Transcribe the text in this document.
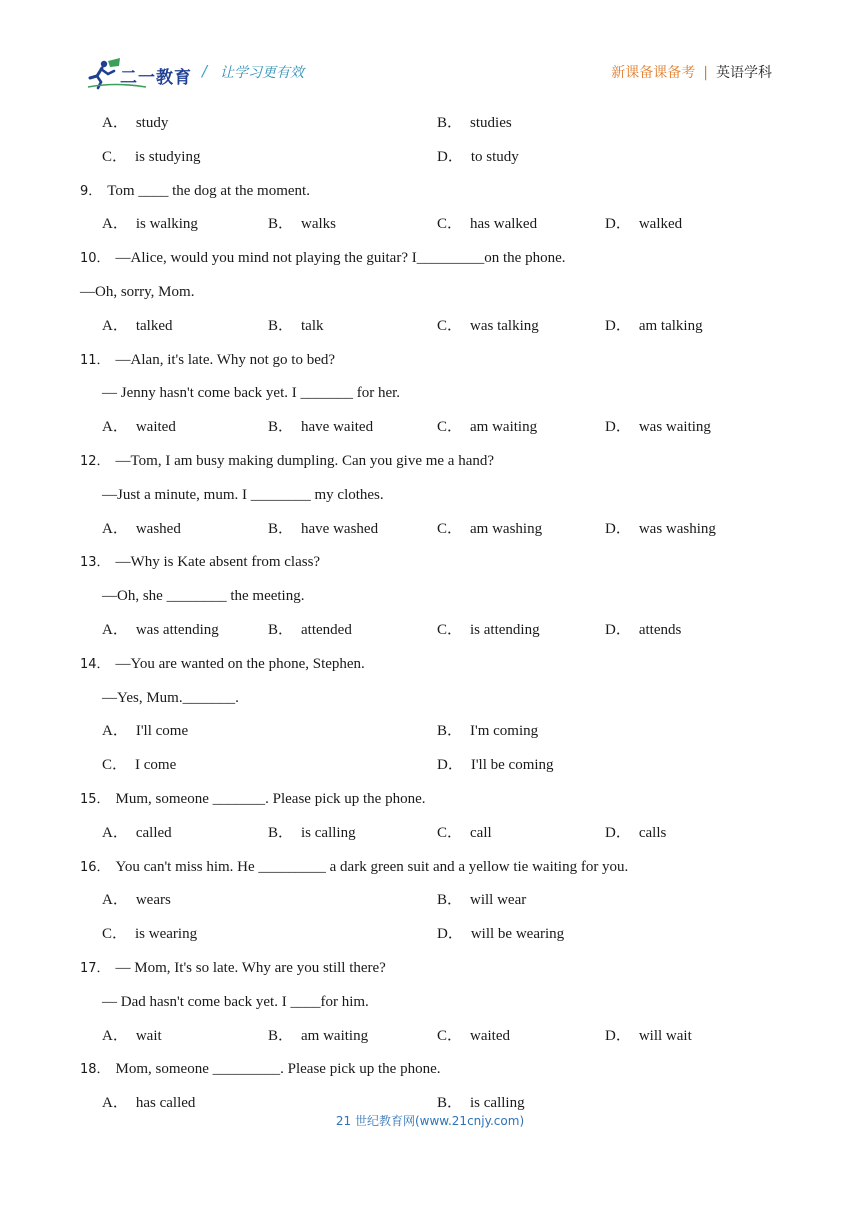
二一教育 / 让学习更有效	新课备课备考 | 英语学科
A． study	B． studies
C． is studying	D． to study
9． Tom ____ the dog at the moment.
A． is walking	B． walks	C． has walked	D． walked
10． —Alice, would you mind not playing the guitar? I_________on the phone.
—Oh, sorry, Mom.
A． talked	B． talk	C． was talking	D． am talking
11． —Alan, it's late. Why not go to bed?
— Jenny hasn't come back yet. I _______ for her.
A． waited	B． have waited	C． am waiting	D． was waiting
12． —Tom, I am busy making dumpling. Can you give me a hand?
—Just a minute, mum. I ________ my clothes.
A． washed	B． have washed	C． am washing	D． was washing
13． —Why is Kate absent from class?
—Oh, she ________ the meeting.
A． was attending	B． attended	C． is attending	D． attends
14． —You are wanted on the phone, Stephen.
—Yes, Mum._______.
A． I'll come	B． I'm coming
C． I come	D． I'll be coming
15． Mum, someone _______. Please pick up the phone.
A． called	B． is calling	C． call	D． calls
16． You can't miss him. He _________ a dark green suit and a yellow tie waiting for you.
A． wears	B． will wear
C． is wearing	D． will be wearing
17． — Mom, It's so late. Why are you still there?
— Dad hasn't come back yet. I ____for him.
A． wait	B． am waiting	C． waited	D． will wait
18． Mom, someone _________. Please pick up the phone.
A． has called	B． is calling
21 世纪教育网(www.21cnjy.com)
